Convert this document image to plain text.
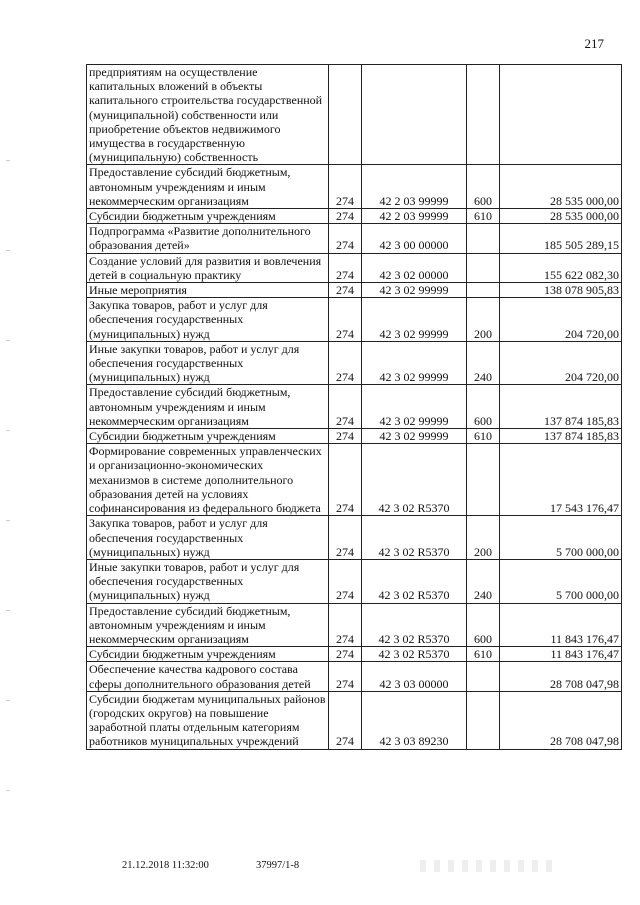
217
предприятиям на осуществление капитальных вложений в объекты капитального строительства государственной (муниципальной) собственности или приобретение объектов недвижимого имущества в государственную (муниципальную) собственность				
Предоставление субсидий бюджетным, автономным учреждениям и иным некоммерческим организациям	274	42 2 03 99999	600	28 535 000,00
Субсидии бюджетным учреждениям	274	42 2 03 99999	610	28 535 000,00
Подпрограмма «Развитие дополнительного образования детей»	274	42 3 00 00000		185 505 289,15
Создание условий для развития и вовлечения детей в социальную практику	274	42 3 02 00000		155 622 082,30
Иные мероприятия	274	42 3 02 99999		138 078 905,83
Закупка товаров, работ и услуг для обеспечения государственных (муниципальных) нужд	274	42 3 02 99999	200	204 720,00
Иные закупки товаров, работ и услуг для обеспечения государственных (муниципальных) нужд	274	42 3 02 99999	240	204 720,00
Предоставление субсидий бюджетным, автономным учреждениям и иным некоммерческим организациям	274	42 3 02 99999	600	137 874 185,83
Субсидии бюджетным учреждениям	274	42 3 02 99999	610	137 874 185,83
Формирование современных управленческих и организационно-экономических механизмов в системе дополнительного образования детей на условиях софинансирования из федерального бюджета	274	42 3 02 R5370		17 543 176,47
Закупка товаров, работ и услуг для обеспечения государственных (муниципальных) нужд	274	42 3 02 R5370	200	5 700 000,00
Иные закупки товаров, работ и услуг для обеспечения государственных (муниципальных) нужд	274	42 3 02 R5370	240	5 700 000,00
Предоставление субсидий бюджетным, автономным учреждениям и иным некоммерческим организациям	274	42 3 02 R5370	600	11 843 176,47
Субсидии бюджетным учреждениям	274	42 3 02 R5370	610	11 843 176,47
Обеспечение качества кадрового состава сферы дополнительного образования детей	274	42 3 03 00000		28 708 047,98
Субсидии бюджетам муниципальных районов (городских округов) на повышение заработной платы отдельным категориям работников муниципальных учреждений	274	42 3 03 89230		28 708 047,98
21.12.2018 11:32:00	37997/1-8
